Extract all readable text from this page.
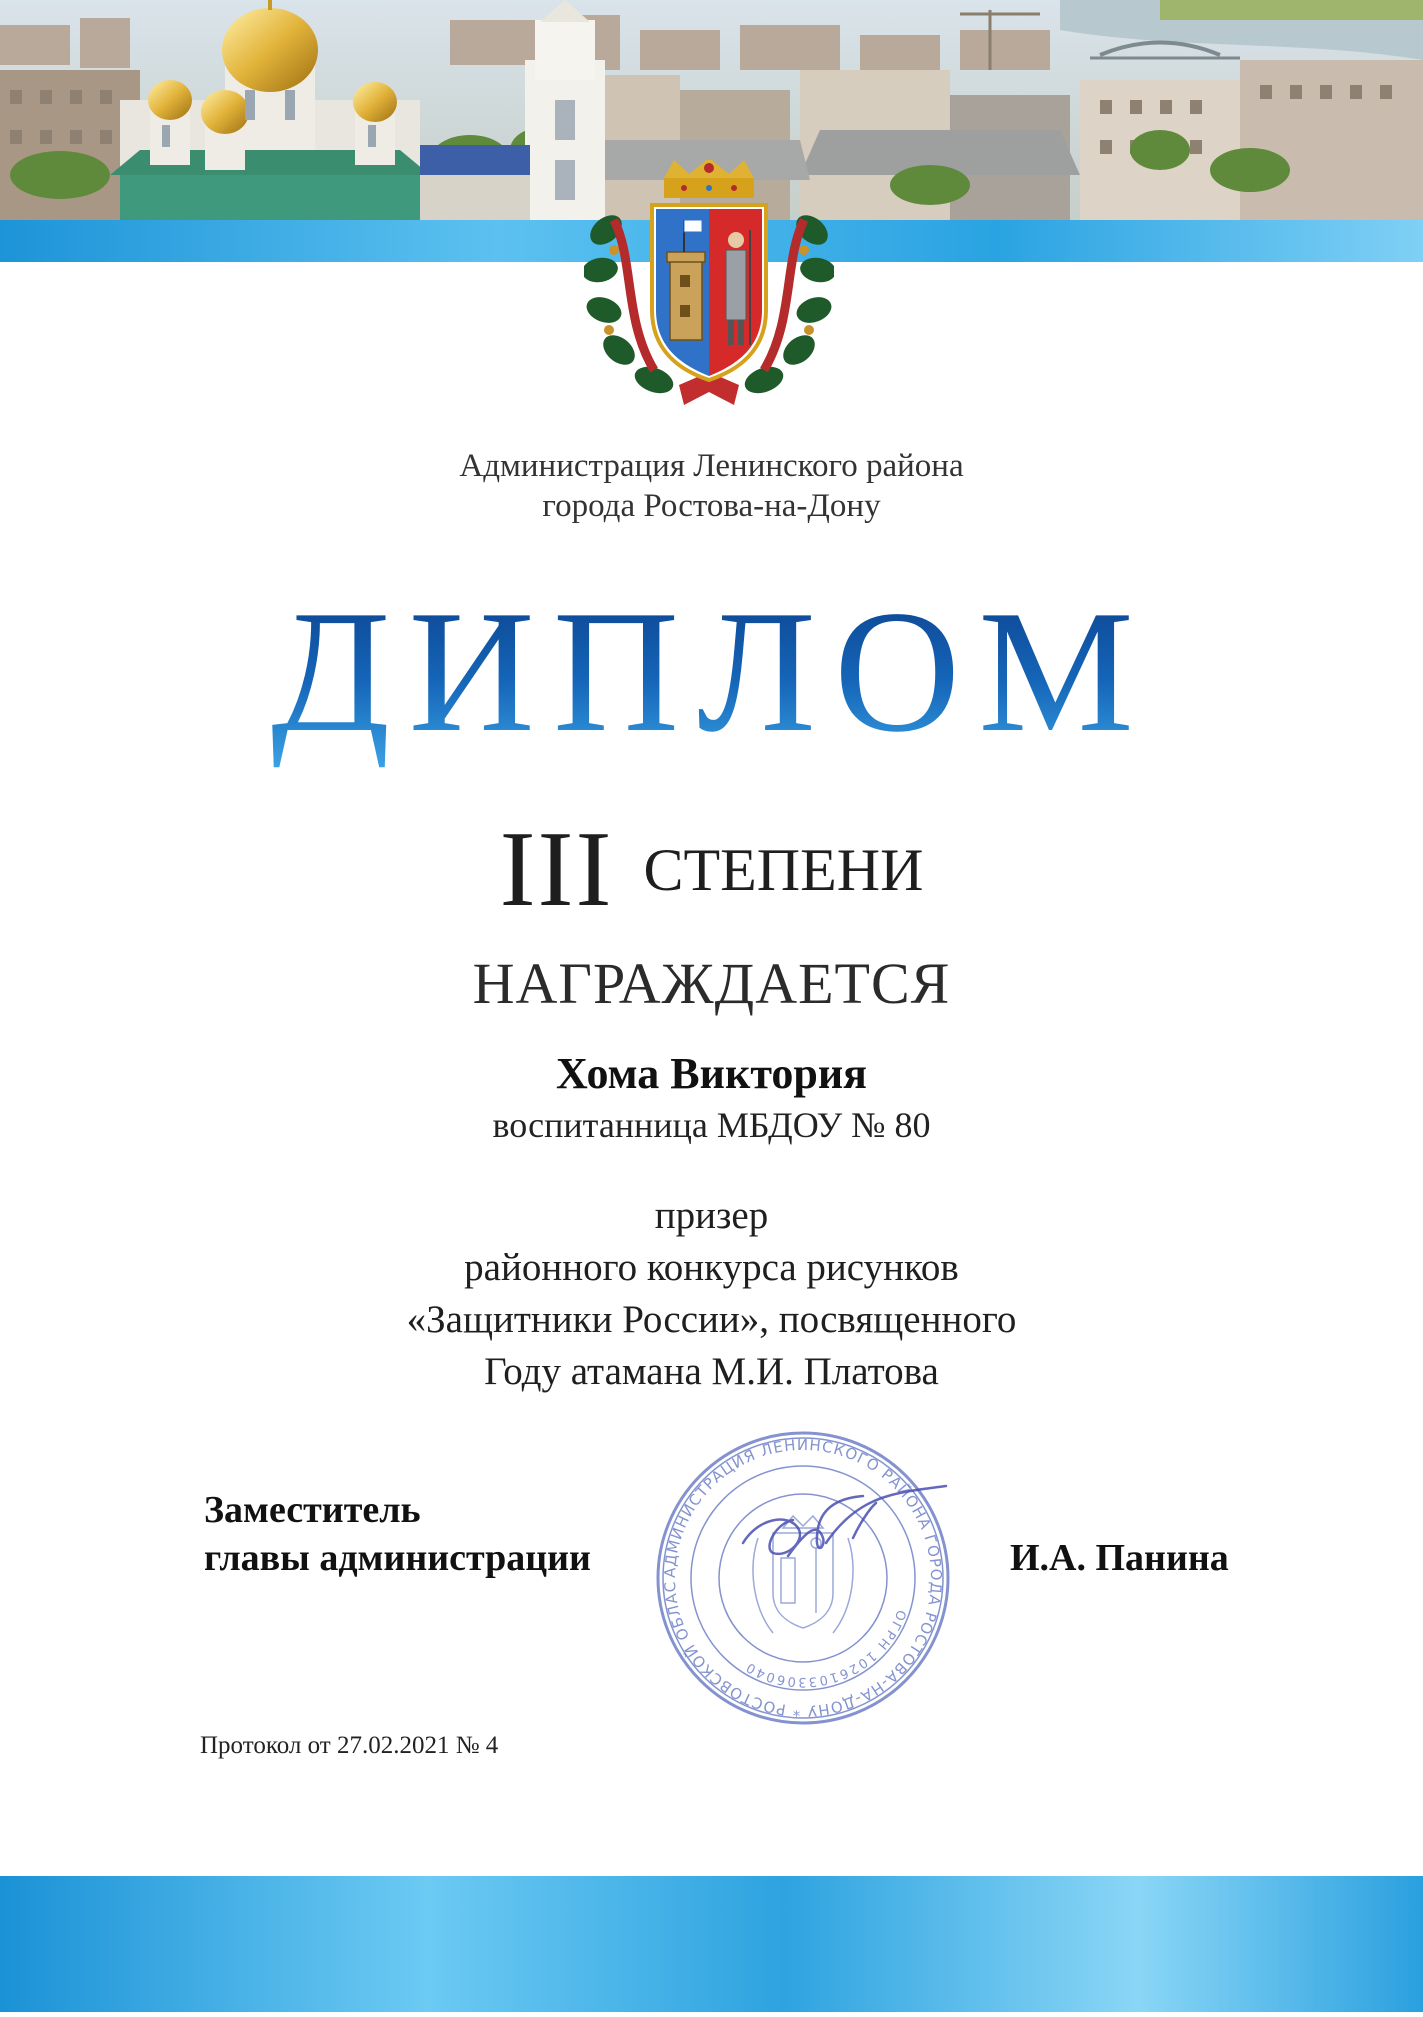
Администрация Ленинского района
города Ростова-на-Дону
ДИПЛОМ
III СТЕПЕНИ
НАГРАЖДАЕТСЯ
Хома Виктория
воспитанница МБДОУ № 80
призер
районного конкурса рисунков
«Защитники России», посвященного
Году атамана М.И. Платова
АДМИНИСТРАЦИЯ ЛЕНИНСКОГО РАЙОНА ГОРОДА РОСТОВА-НА-ДОНУ * РОСТОВСКОЙ ОБЛАС
ОГРН 1026103306040
Заместитель
главы администрации	И.А. Панина
Протокол от 27.02.2021 № 4
